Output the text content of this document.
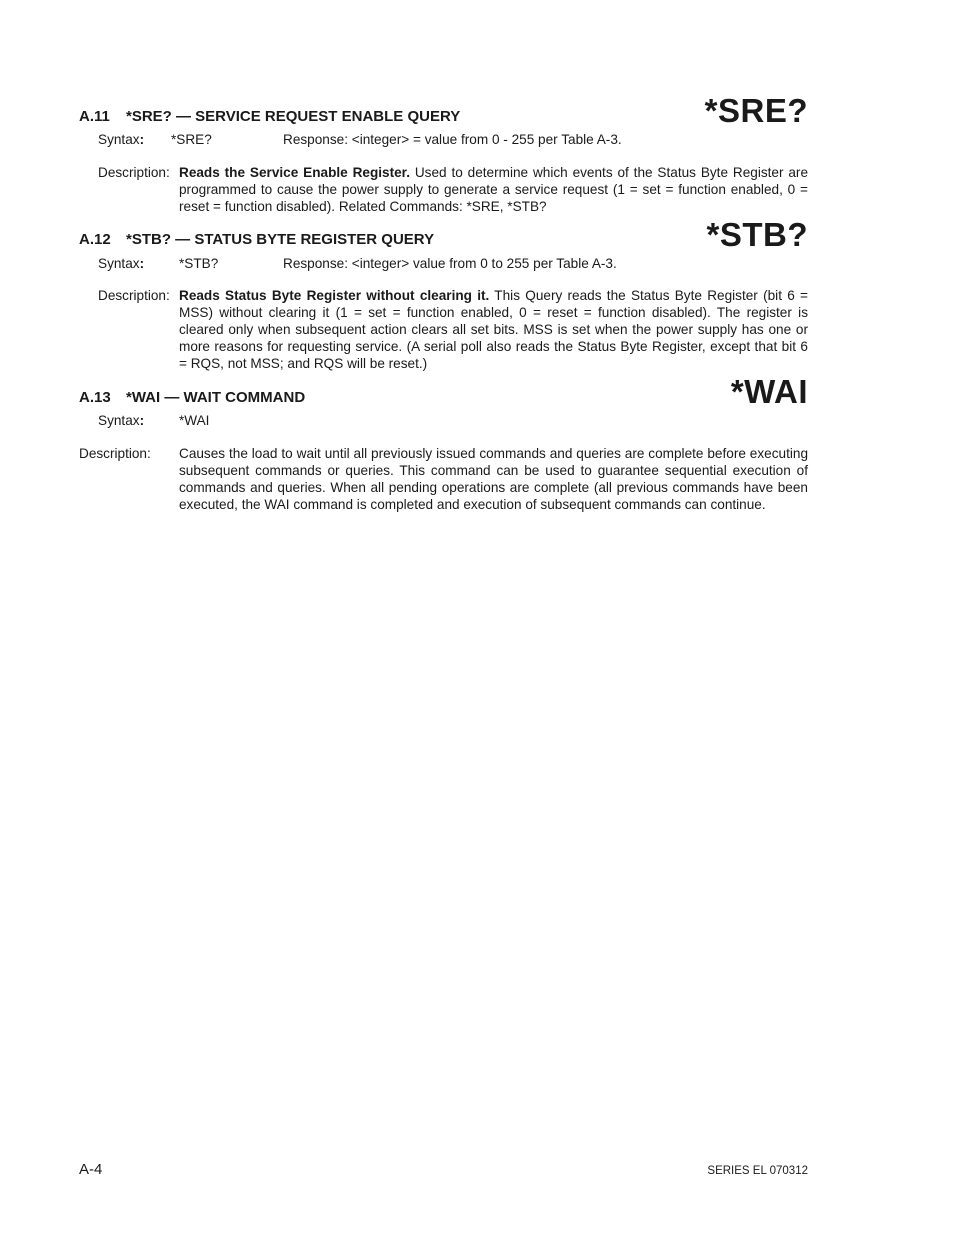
A.11 *SRE? — SERVICE REQUEST ENABLE QUERY	*SRE?
Syntax: *SRE?	Response: <integer> = value from 0 - 255 per Table A-3.
Description: Reads the Service Enable Register. Used to determine which events of the Status Byte Register are programmed to cause the power supply to generate a service request (1 = set = function enabled, 0 = reset = function disabled). Related Commands: *SRE, *STB?
A.12 *STB? — STATUS BYTE REGISTER QUERY	*STB?
Syntax:	*STB?	Response: <integer> value from 0 to 255 per Table A-3.
Description: Reads Status Byte Register without clearing it. This Query reads the Status Byte Register (bit 6 = MSS) without clearing it (1 = set = function enabled, 0 = reset = function disabled). The register is cleared only when subsequent action clears all set bits. MSS is set when the power supply has one or more reasons for requesting service. (A serial poll also reads the Status Byte Register, except that bit 6 = RQS, not MSS; and RQS will be reset.)
A.13 *WAI — WAIT COMMAND	*WAI
Syntax:	*WAI
Description: Causes the load to wait until all previously issued commands and queries are complete before executing subsequent commands or queries. This command can be used to guarantee sequential execution of commands and queries. When all pending operations are complete (all previous commands have been executed, the WAI command is completed and execution of subsequent commands can continue.
A-4	SERIES EL 070312
